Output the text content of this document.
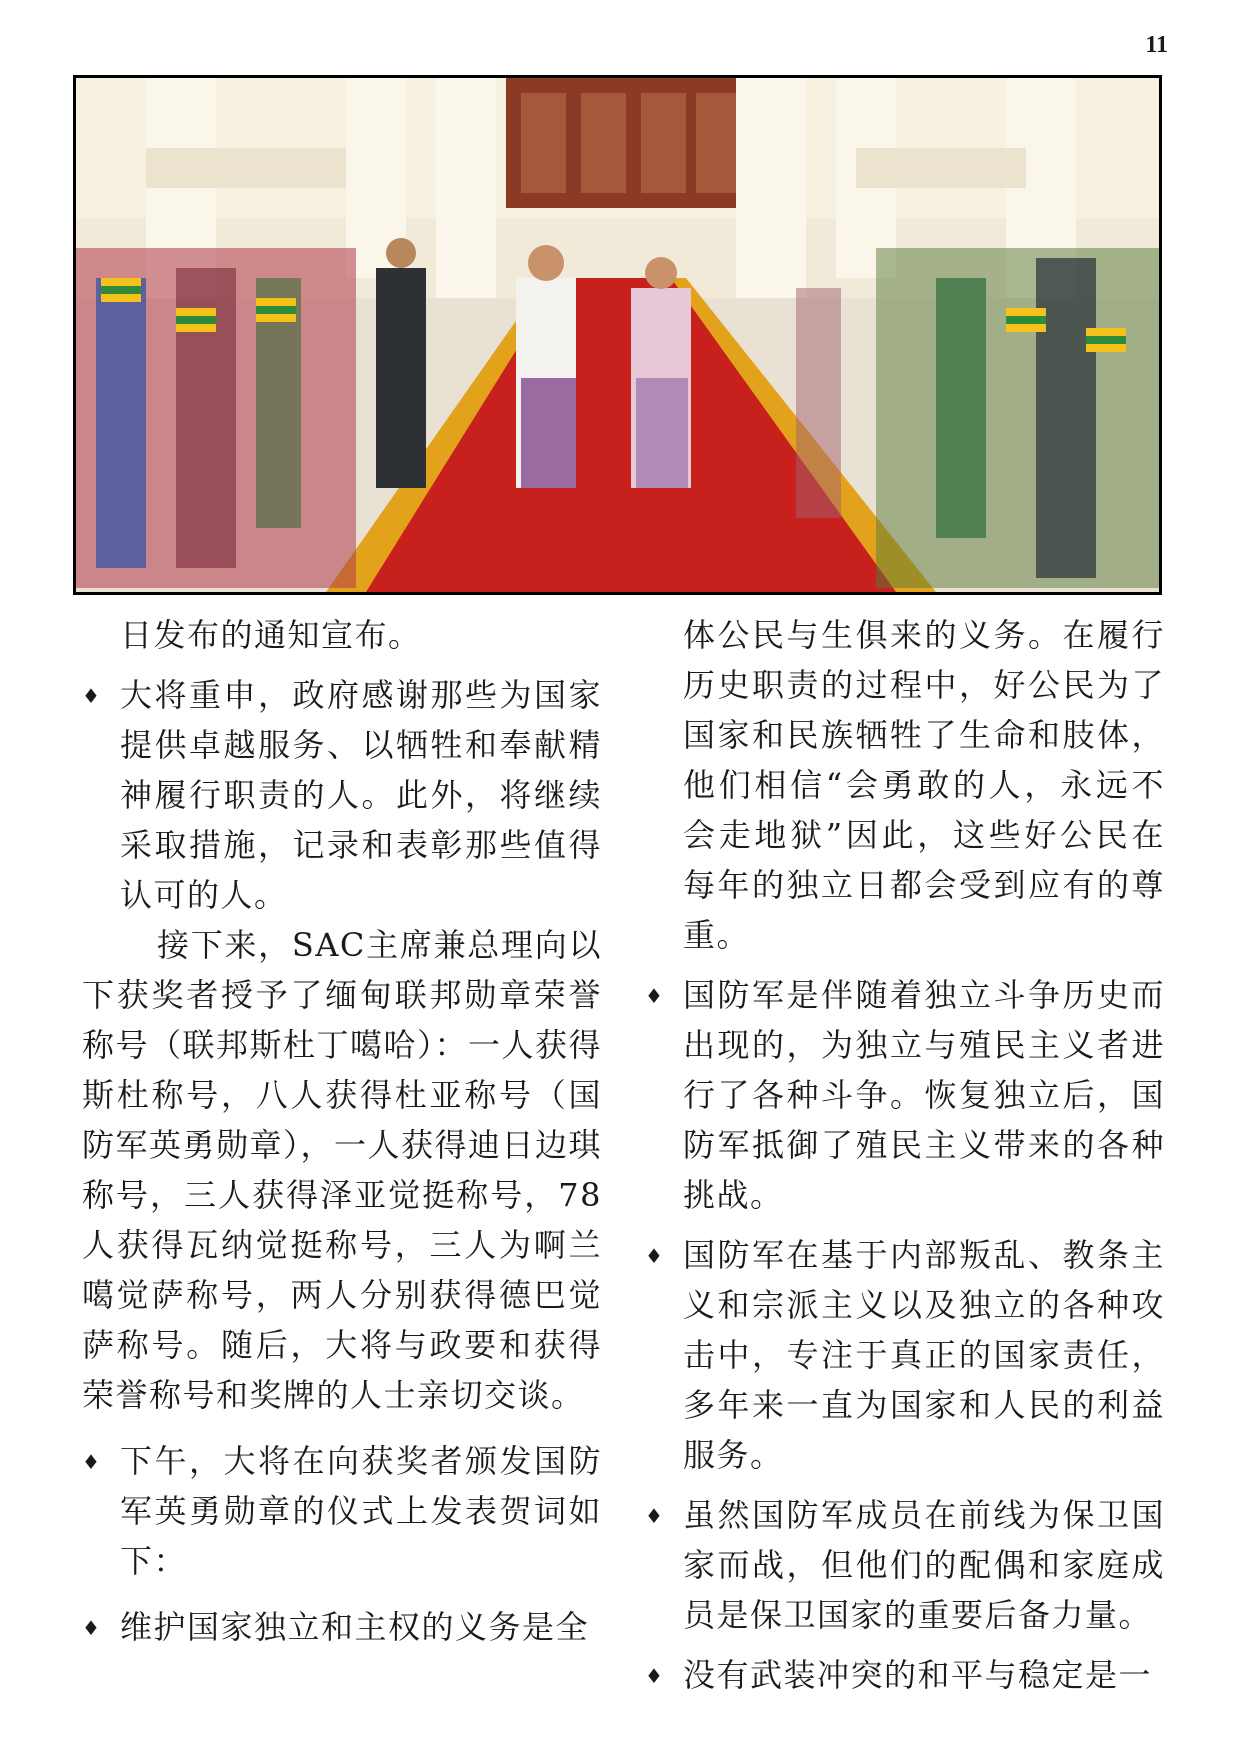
11

日发布的通知宣布。

♦ 大将重申，政府感谢那些为国家提供卓越服务、以牺牲和奉献精神履行职责的人。此外，将继续采取措施，记录和表彰那些值得认可的人。

接下来，SAC主席兼总理向以下获奖者授予了缅甸联邦勋章荣誉称号（联邦斯杜丁噶哈）：一人获得斯杜称号，八人获得杜亚称号（国防军英勇勋章），一人获得迪日边琪称号，三人获得泽亚觉挺称号，78人获得瓦纳觉挺称号，三人为啊兰噶觉萨称号，两人分别获得德巴觉萨称号。随后，大将与政要和获得荣誉称号和奖牌的人士亲切交谈。

♦ 下午，大将在向获奖者颁发国防军英勇勋章的仪式上发表贺词如下：
♦ 维护国家独立和主权的义务是全

体公民与生俱来的义务。在履行历史职责的过程中，好公民为了国家和民族牺牲了生命和肢体，他们相信“会勇敢的人，永远不会走地狱”因此，这些好公民在每年的独立日都会受到应有的尊重。

♦ 国防军是伴随着独立斗争历史而出现的，为独立与殖民主义者进行了各种斗争。恢复独立后，国防军抵御了殖民主义带来的各种挑战。
♦ 国防军在基于内部叛乱、教条主义和宗派主义以及独立的各种攻击中，专注于真正的国家责任，多年来一直为国家和人民的利益服务。
♦ 虽然国防军成员在前线为保卫国家而战，但他们的配偶和家庭成员是保卫国家的重要后备力量。
♦ 没有武装冲突的和平与稳定是一
